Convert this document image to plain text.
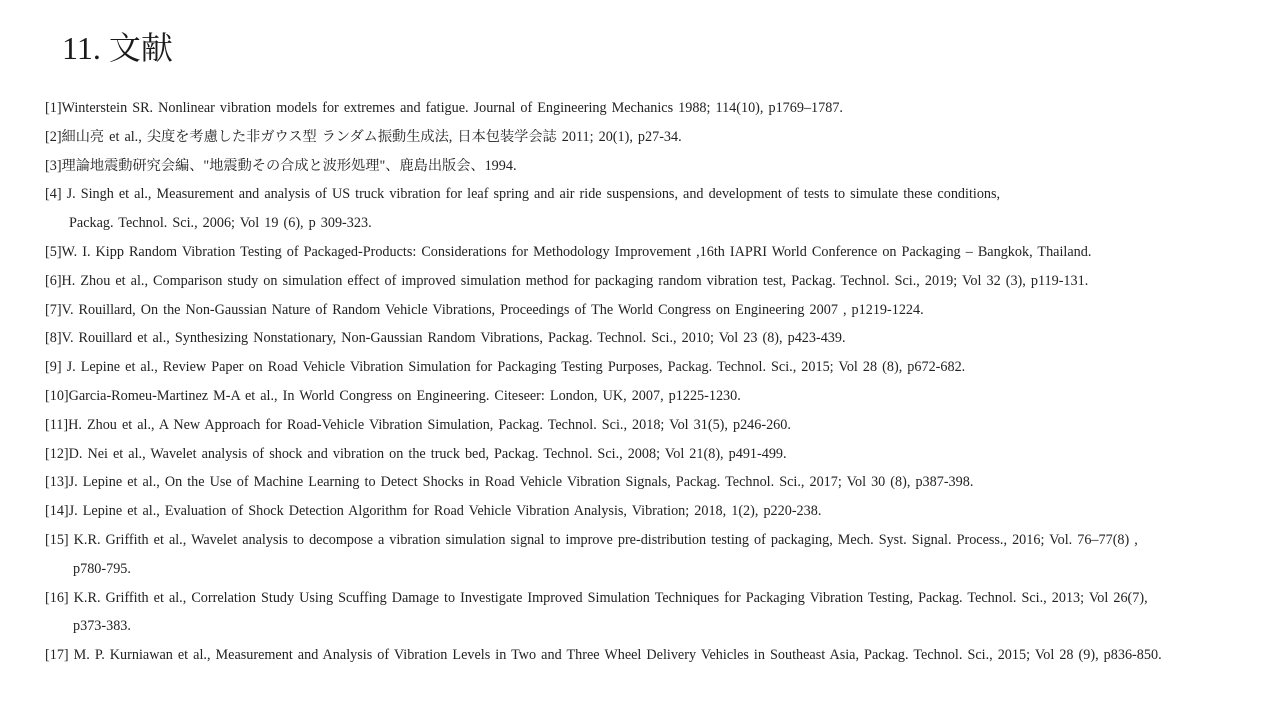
11. 文献
[1]Winterstein SR. Nonlinear vibration models for extremes and fatigue. Journal of Engineering Mechanics 1988; 114(10), p1769–1787.
[2]細山亮 et al., 尖度を考慮した非ガウス型 ランダム振動生成法, 日本包装学会誌 2011; 20(1), p27-34.
[3]理論地震動研究会編、"地震動その合成と波形処理"、鹿島出版会、1994.
[4] J. Singh et al., Measurement and analysis of US truck vibration for leaf spring and air ride suspensions, and development of tests to simulate these conditions,
Packag. Technol. Sci., 2006; Vol 19 (6), p 309-323.
[5]W. I. Kipp Random Vibration Testing of Packaged-Products: Considerations for Methodology Improvement ,16th IAPRI World Conference on Packaging – Bangkok, Thailand.
[6]H. Zhou et al., Comparison study on simulation effect of improved simulation method for packaging random vibration test, Packag. Technol. Sci., 2019; Vol 32 (3), p119-131.
[7]V. Rouillard, On the Non-Gaussian Nature of Random Vehicle Vibrations, Proceedings of The World Congress on Engineering 2007 , p1219-1224.
[8]V. Rouillard et al., Synthesizing Nonstationary, Non-Gaussian Random Vibrations, Packag. Technol. Sci., 2010; Vol 23 (8), p423-439.
[9] J. Lepine et al., Review Paper on Road Vehicle Vibration Simulation for Packaging Testing Purposes, Packag. Technol. Sci., 2015; Vol 28 (8), p672-682.
[10]Garcia-Romeu-Martinez M-A et al., In World Congress on Engineering. Citeseer: London, UK, 2007, p1225-1230.
[11]H. Zhou et al., A New Approach for Road-Vehicle Vibration Simulation, Packag. Technol. Sci., 2018; Vol 31(5), p246-260.
[12]D. Nei et al., Wavelet analysis of shock and vibration on the truck bed, Packag. Technol. Sci., 2008; Vol 21(8), p491-499.
[13]J. Lepine et al., On the Use of Machine Learning to Detect Shocks in Road Vehicle Vibration Signals, Packag. Technol. Sci., 2017; Vol 30 (8), p387-398.
[14]J. Lepine et al., Evaluation of Shock Detection Algorithm for Road Vehicle Vibration Analysis, Vibration; 2018, 1(2), p220-238.
[15] K.R. Griffith et al., Wavelet analysis to decompose a vibration simulation signal to improve pre-distribution testing of packaging, Mech. Syst. Signal. Process., 2016; Vol. 76–77(8) ,
p780-795.
[16] K.R. Griffith et al., Correlation Study Using Scuffing Damage to Investigate Improved Simulation Techniques for Packaging Vibration Testing, Packag. Technol. Sci., 2013; Vol 26(7),
p373-383.
[17] M. P. Kurniawan et al., Measurement and Analysis of Vibration Levels in Two and Three Wheel Delivery Vehicles in Southeast Asia, Packag. Technol. Sci., 2015; Vol 28 (9), p836-850.
